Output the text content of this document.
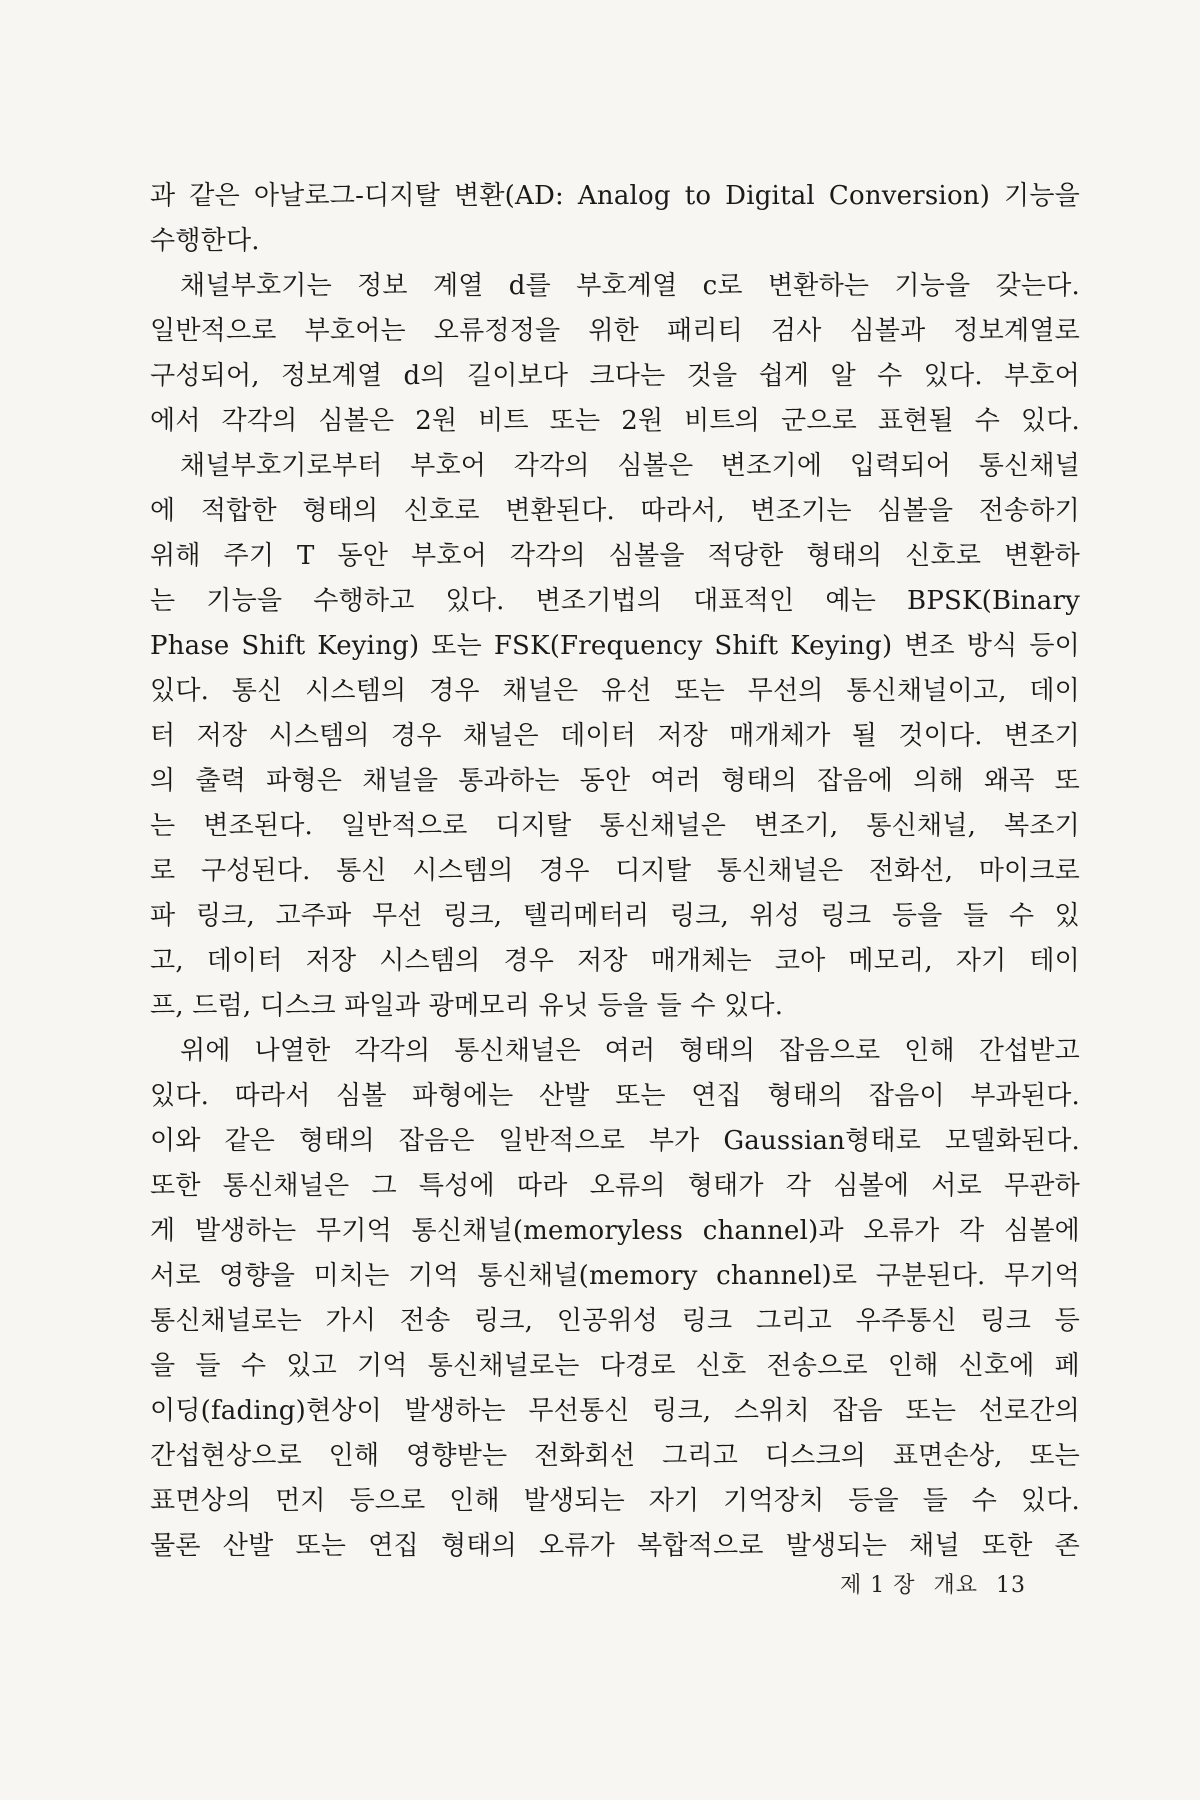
과 같은 아날로그-디지탈 변환(AD: Analog to Digital Conversion) 기능을
수행한다.
채널부호기는 정보 계열 d를 부호계열 c로 변환하는 기능을 갖는다.
일반적으로 부호어는 오류정정을 위한 패리티 검사 심볼과 정보계열로
구성되어, 정보계열 d의 길이보다 크다는 것을 쉽게 알 수 있다. 부호어
에서 각각의 심볼은 2원 비트 또는 2원 비트의 군으로 표현될 수 있다.
채널부호기로부터 부호어 각각의 심볼은 변조기에 입력되어 통신채널
에 적합한 형태의 신호로 변환된다. 따라서, 변조기는 심볼을 전송하기
위해 주기 T 동안 부호어 각각의 심볼을 적당한 형태의 신호로 변환하
는 기능을 수행하고 있다. 변조기법의 대표적인 예는 BPSK(Binary
Phase Shift Keying) 또는 FSK(Frequency Shift Keying) 변조 방식 등이
있다. 통신 시스템의 경우 채널은 유선 또는 무선의 통신채널이고, 데이
터 저장 시스템의 경우 채널은 데이터 저장 매개체가 될 것이다. 변조기
의 출력 파형은 채널을 통과하는 동안 여러 형태의 잡음에 의해 왜곡 또
는 변조된다. 일반적으로 디지탈 통신채널은 변조기, 통신채널, 복조기
로 구성된다. 통신 시스템의 경우 디지탈 통신채널은 전화선, 마이크로
파 링크, 고주파 무선 링크, 텔리메터리 링크, 위성 링크 등을 들 수 있
고, 데이터 저장 시스템의 경우 저장 매개체는 코아 메모리, 자기 테이
프, 드럼, 디스크 파일과 광메모리 유닛 등을 들 수 있다.
위에 나열한 각각의 통신채널은 여러 형태의 잡음으로 인해 간섭받고
있다. 따라서 심볼 파형에는 산발 또는 연집 형태의 잡음이 부과된다.
이와 같은 형태의 잡음은 일반적으로 부가 Gaussian형태로 모델화된다.
또한 통신채널은 그 특성에 따라 오류의 형태가 각 심볼에 서로 무관하
게 발생하는 무기억 통신채널(memoryless channel)과 오류가 각 심볼에
서로 영향을 미치는 기억 통신채널(memory channel)로 구분된다. 무기억
통신채널로는 가시 전송 링크, 인공위성 링크 그리고 우주통신 링크 등
을 들 수 있고 기억 통신채널로는 다경로 신호 전송으로 인해 신호에 페
이딩(fading)현상이 발생하는 무선통신 링크, 스위치 잡음 또는 선로간의
간섭현상으로 인해 영향받는 전화회선 그리고 디스크의 표면손상, 또는
표면상의 먼지 등으로 인해 발생되는 자기 기억장치 등을 들 수 있다.
물론 산발 또는 연집 형태의 오류가 복합적으로 발생되는 채널 또한 존
제 1 장 개요 13
